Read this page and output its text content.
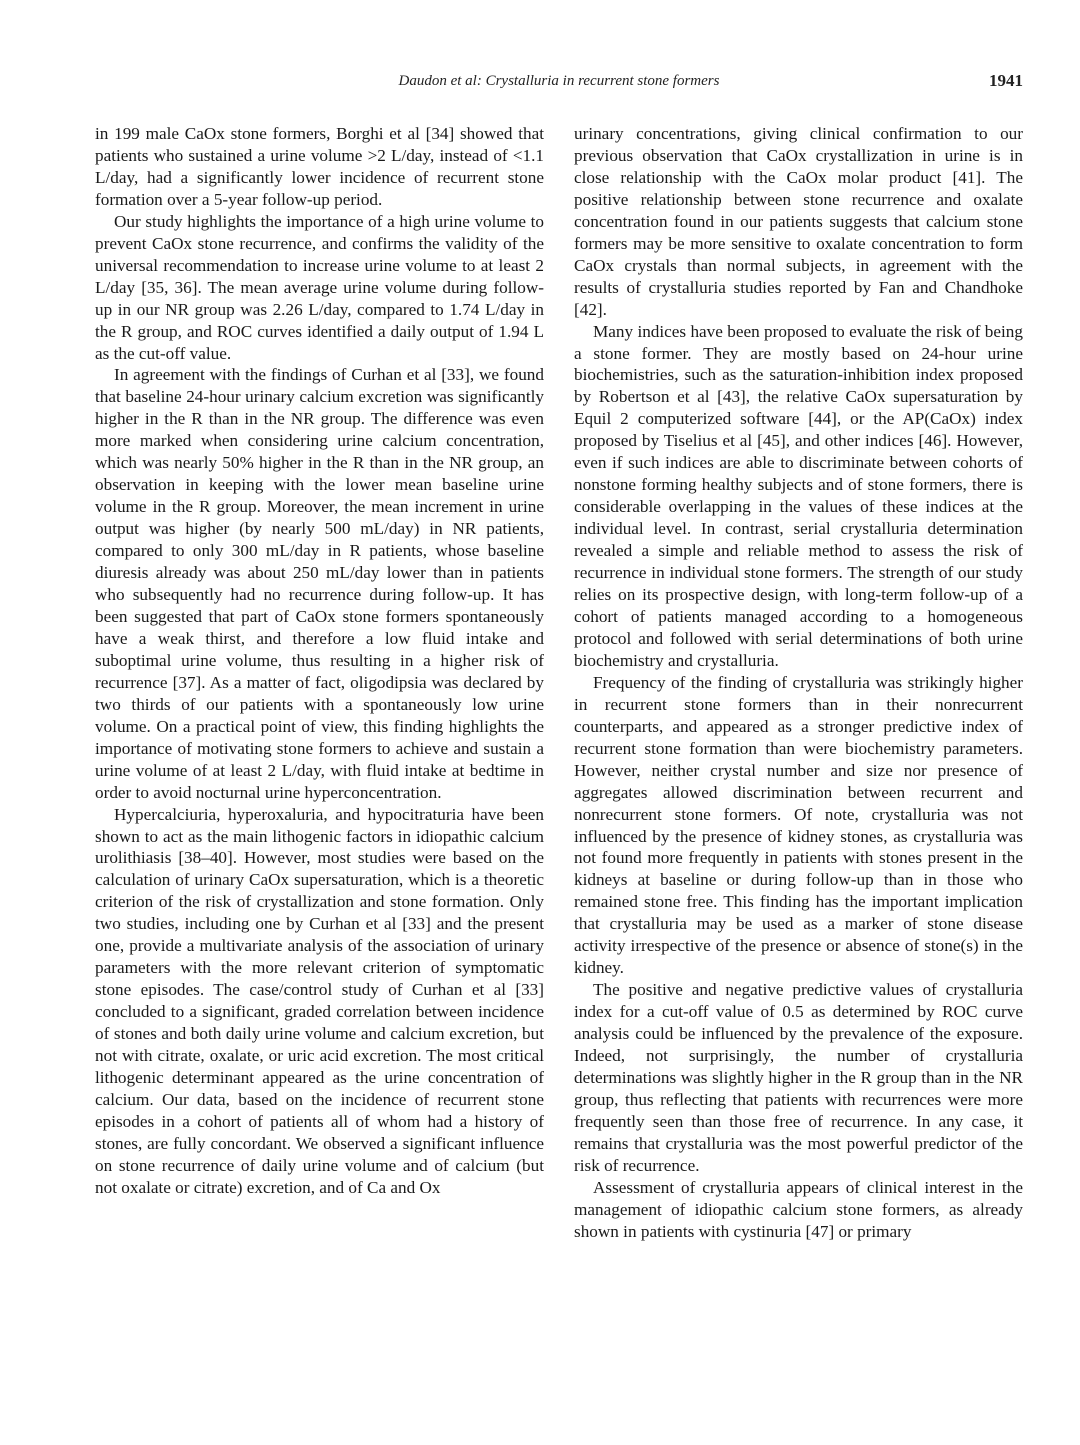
Daudon et al: Crystalluria in recurrent stone formers	1941

in 199 male CaOx stone formers, Borghi et al [34] showed that patients who sustained a urine volume >2 L/day, instead of <1.1 L/day, had a significantly lower incidence of recurrent stone formation over a 5-year follow-up period.

Our study highlights the importance of a high urine volume to prevent CaOx stone recurrence, and confirms the validity of the universal recommendation to increase urine volume to at least 2 L/day [35, 36]. The mean average urine volume during follow-up in our NR group was 2.26 L/day, compared to 1.74 L/day in the R group, and ROC curves identified a daily output of 1.94 L as the cut-off value.

In agreement with the findings of Curhan et al [33], we found that baseline 24-hour urinary calcium excretion was significantly higher in the R than in the NR group. The difference was even more marked when considering urine calcium concentration, which was nearly 50% higher in the R than in the NR group, an observation in keeping with the lower mean baseline urine volume in the R group. Moreover, the mean increment in urine output was higher (by nearly 500 mL/day) in NR patients, compared to only 300 mL/day in R patients, whose baseline diuresis already was about 250 mL/day lower than in patients who subsequently had no recurrence during follow-up. It has been suggested that part of CaOx stone formers spontaneously have a weak thirst, and therefore a low fluid intake and suboptimal urine volume, thus resulting in a higher risk of recurrence [37]. As a matter of fact, oligodipsia was declared by two thirds of our patients with a spontaneously low urine volume. On a practical point of view, this finding highlights the importance of motivating stone formers to achieve and sustain a urine volume of at least 2 L/day, with fluid intake at bedtime in order to avoid nocturnal urine hyperconcentration.

Hypercalciuria, hyperoxaluria, and hypocitraturia have been shown to act as the main lithogenic factors in idiopathic calcium urolithiasis [38–40]. However, most studies were based on the calculation of urinary CaOx supersaturation, which is a theoretic criterion of the risk of crystallization and stone formation. Only two studies, including one by Curhan et al [33] and the present one, provide a multivariate analysis of the association of urinary parameters with the more relevant criterion of symptomatic stone episodes. The case/control study of Curhan et al [33] concluded to a significant, graded correlation between incidence of stones and both daily urine volume and calcium excretion, but not with citrate, oxalate, or uric acid excretion. The most critical lithogenic determinant appeared as the urine concentration of calcium. Our data, based on the incidence of recurrent stone episodes in a cohort of patients all of whom had a history of stones, are fully concordant. We observed a significant influence on stone recurrence of daily urine volume and of calcium (but not oxalate or citrate) excretion, and of Ca and Ox

urinary concentrations, giving clinical confirmation to our previous observation that CaOx crystallization in urine is in close relationship with the CaOx molar product [41]. The positive relationship between stone recurrence and oxalate concentration found in our patients suggests that calcium stone formers may be more sensitive to oxalate concentration to form CaOx crystals than normal subjects, in agreement with the results of crystalluria studies reported by Fan and Chandhoke [42].

Many indices have been proposed to evaluate the risk of being a stone former. They are mostly based on 24-hour urine biochemistries, such as the saturation-inhibition index proposed by Robertson et al [43], the relative CaOx supersaturation by Equil 2 computerized software [44], or the AP(CaOx) index proposed by Tiselius et al [45], and other indices [46]. However, even if such indices are able to discriminate between cohorts of nonstone forming healthy subjects and of stone formers, there is considerable overlapping in the values of these indices at the individual level. In contrast, serial crystalluria determination revealed a simple and reliable method to assess the risk of recurrence in individual stone formers. The strength of our study relies on its prospective design, with long-term follow-up of a cohort of patients managed according to a homogeneous protocol and followed with serial determinations of both urine biochemistry and crystalluria.

Frequency of the finding of crystalluria was strikingly higher in recurrent stone formers than in their nonrecurrent counterparts, and appeared as a stronger predictive index of recurrent stone formation than were biochemistry parameters. However, neither crystal number and size nor presence of aggregates allowed discrimination between recurrent and nonrecurrent stone formers. Of note, crystalluria was not influenced by the presence of kidney stones, as crystalluria was not found more frequently in patients with stones present in the kidneys at baseline or during follow-up than in those who remained stone free. This finding has the important implication that crystalluria may be used as a marker of stone disease activity irrespective of the presence or absence of stone(s) in the kidney.

The positive and negative predictive values of crystalluria index for a cut-off value of 0.5 as determined by ROC curve analysis could be influenced by the prevalence of the exposure. Indeed, not surprisingly, the number of crystalluria determinations was slightly higher in the R group than in the NR group, thus reflecting that patients with recurrences were more frequently seen than those free of recurrence. In any case, it remains that crystalluria was the most powerful predictor of the risk of recurrence.

Assessment of crystalluria appears of clinical interest in the management of idiopathic calcium stone formers, as already shown in patients with cystinuria [47] or primary
